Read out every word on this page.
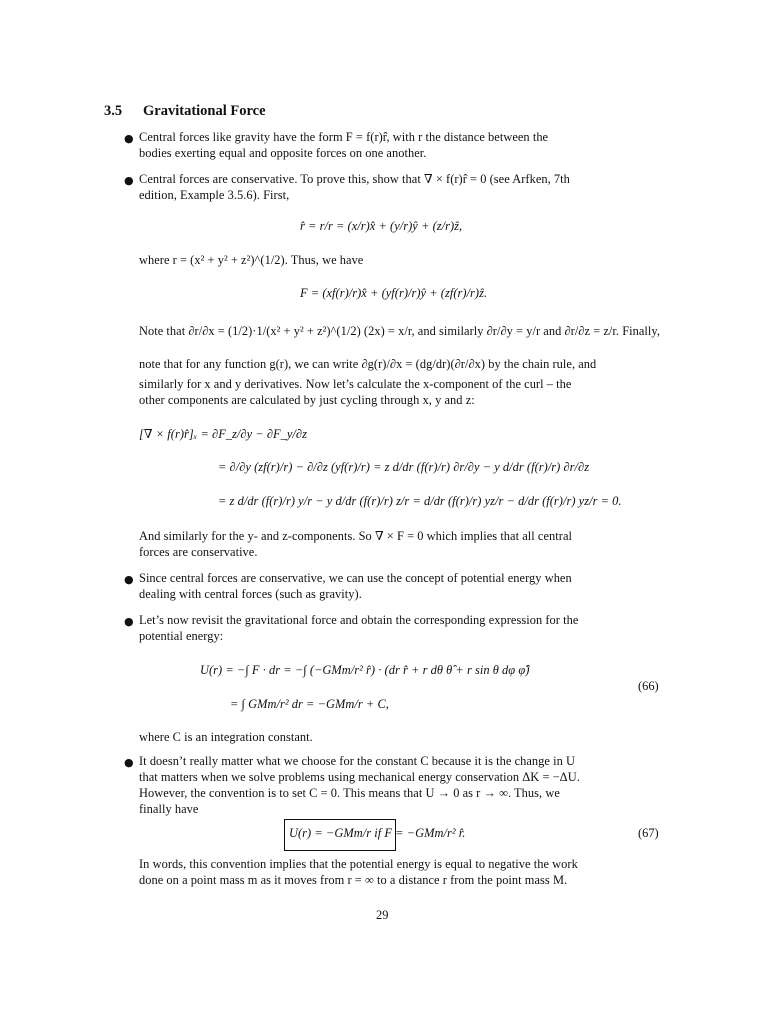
3.5 Gravitational Force
●
●
●
●
●
Central forces like gravity have the form F = f(r)r̂, with r the distance between the
bodies exerting equal and opposite forces on one another.
Central forces are conservative. To prove this, show that ∇ × f(r)r̂ = 0 (see Arfken, 7th
edition, Example 3.5.6). First,
r̂ = r/r = (x/r)x̂ + (y/r)ŷ + (z/r)ẑ,
where r = (x² + y² + z²)^(1/2). Thus, we have
F = (xf(r)/r)x̂ + (yf(r)/r)ŷ + (zf(r)/r)ẑ.
Note that ∂r/∂x = (1/2)·1/(x² + y² + z²)^(1/2) (2x) = x/r, and similarly ∂r/∂y = y/r and ∂r/∂z = z/r. Finally,
note that for any function g(r), we can write ∂g(r)/∂x = (dg/dr)(∂r/∂x) by the chain rule, and
similarly for x and y derivatives. Now let’s calculate the x-component of the curl – the
other components are calculated by just cycling through x, y and z:
[∇ × f(r)r̂]ₓ = ∂F_z/∂y − ∂F_y/∂z
= ∂/∂y (zf(r)/r) − ∂/∂z (yf(r)/r) = z d/dr (f(r)/r) ∂r/∂y − y d/dr (f(r)/r) ∂r/∂z
= z d/dr (f(r)/r) y/r − y d/dr (f(r)/r) z/r = d/dr (f(r)/r) yz/r − d/dr (f(r)/r) yz/r = 0.
And similarly for the y- and z-components. So ∇ × F = 0 which implies that all central
forces are conservative.
Since central forces are conservative, we can use the concept of potential energy when
dealing with central forces (such as gravity).
Let’s now revisit the gravitational force and obtain the corresponding expression for the
potential energy:
U(r) = −∫ F · dr = −∫ (−GMm/r² r̂) · (dr r̂ + r dθ θ̂ + r sin θ dφ φ̂)
(66)
= ∫ GMm/r² dr = −GMm/r + C,
where C is an integration constant.
It doesn’t really matter what we choose for the constant C because it is the change in U
that matters when we solve problems using mechanical energy conservation ΔK = −ΔU.
However, the convention is to set C = 0. This means that U → 0 as r → ∞. Thus, we
finally have
U(r) = −GMm/r if F = −GMm/r² r̂.	(67)
In words, this convention implies that the potential energy is equal to negative the work
done on a point mass m as it moves from r = ∞ to a distance r from the point mass M.
29
